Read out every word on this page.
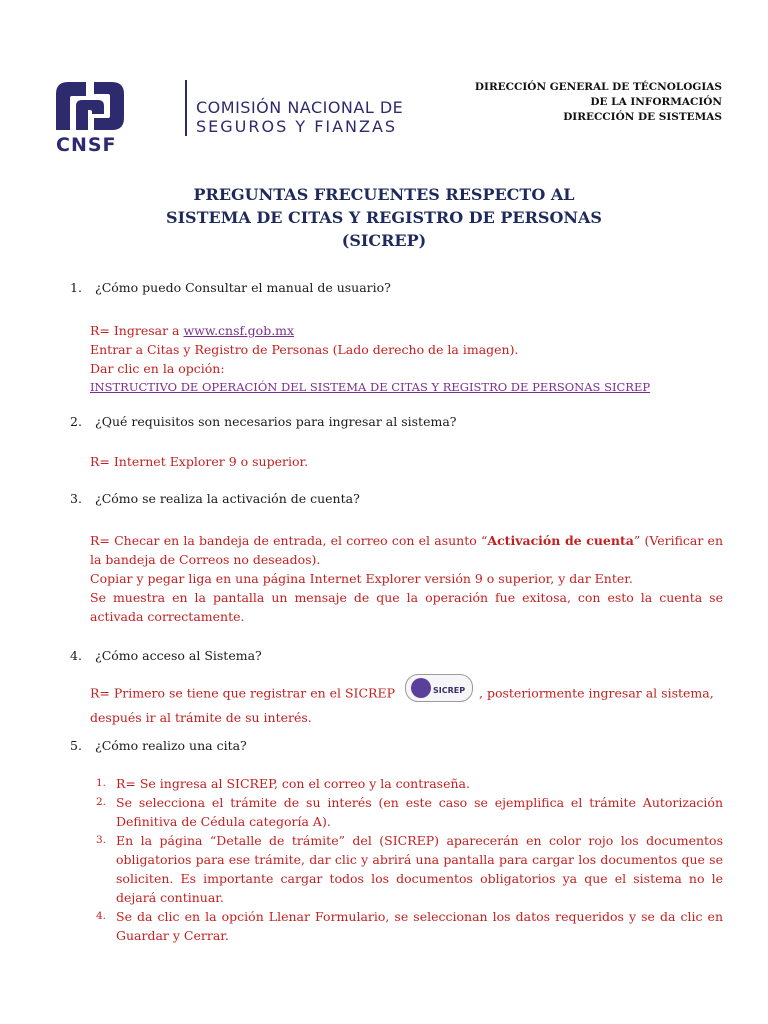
COMISIÓN NACIONAL DE
SEGUROS Y FIANZAS
CNSF
DIRECCIÓN GENERAL DE TÉCNOLOGIAS
DE LA INFORMACIÓN
DIRECCIÓN DE SISTEMAS
PREGUNTAS FRECUENTES RESPECTO AL
SISTEMA DE CITAS Y REGISTRO DE PERSONAS
(SICREP)
1. ¿Cómo puedo Consultar el manual de usuario?
R= Ingresar a www.cnsf.gob.mx
Entrar a Citas y Registro de Personas (Lado derecho de la imagen).
Dar clic en la opción:
INSTRUCTIVO DE OPERACIÓN DEL SISTEMA DE CITAS Y REGISTRO DE PERSONAS SICREP
2. ¿Qué requisitos son necesarios para ingresar al sistema?
R= Internet Explorer 9 o superior.
3. ¿Cómo se realiza la activación de cuenta?
R= Checar en la bandeja de entrada, el correo con el asunto “Activación de cuenta” (Verificar en la bandeja de Correos no deseados).
Copiar y pegar liga en una página Internet Explorer versión 9 o superior, y dar Enter.
Se muestra en la pantalla un mensaje de que la operación fue exitosa, con esto la cuenta se activada correctamente.
4. ¿Cómo acceso al Sistema?
R= Primero se tiene que registrar en el SICREP	SICREP , posteriormente ingresar al sistema,
después ir al trámite de su interés.
5. ¿Cómo realizo una cita?
1. R= Se ingresa al SICREP, con el correo y la contraseña.
2. Se selecciona el trámite de su interés (en este caso se ejemplifica el trámite Autorización Definitiva de Cédula categoría A).
3. En la página “Detalle de trámite” del (SICREP) aparecerán en color rojo los documentos obligatorios para ese trámite, dar clic y abrirá una pantalla para cargar los documentos que se soliciten. Es importante cargar todos los documentos obligatorios ya que el sistema no le dejará continuar.
4. Se da clic en la opción Llenar Formulario, se seleccionan los datos requeridos y se da clic en Guardar y Cerrar.
